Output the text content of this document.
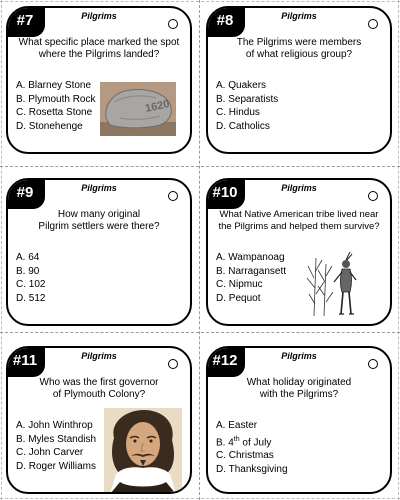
#7	Pilgrims
What specific place marked the spot
where the Pilgrims landed?
A. Blarney Stone
B. Plymouth Rock
C. Rosetta Stone
D. Stonehenge
1620
#8	Pilgrims
The Pilgrims were members
of what religious group?
A. Quakers
B. Separatists
C. Hindus
D. Catholics
#9	Pilgrims
How many original
Pilgrim settlers were there?
A. 64
B. 90
C. 102
D. 512
#10	Pilgrims
What Native American tribe lived near
the Pilgrims and helped them survive?
A. Wampanoag
B. Narragansett
C. Nipmuc
D. Pequot
#11	Pilgrims
Who was the first governor
of Plymouth Colony?
A. John Winthrop
B. Myles Standish
C. John Carver
D. Roger Williams
#12	Pilgrims
What holiday originated
with the Pilgrims?
A. Easter
B. 4th of July
C. Christmas
D. Thanksgiving
